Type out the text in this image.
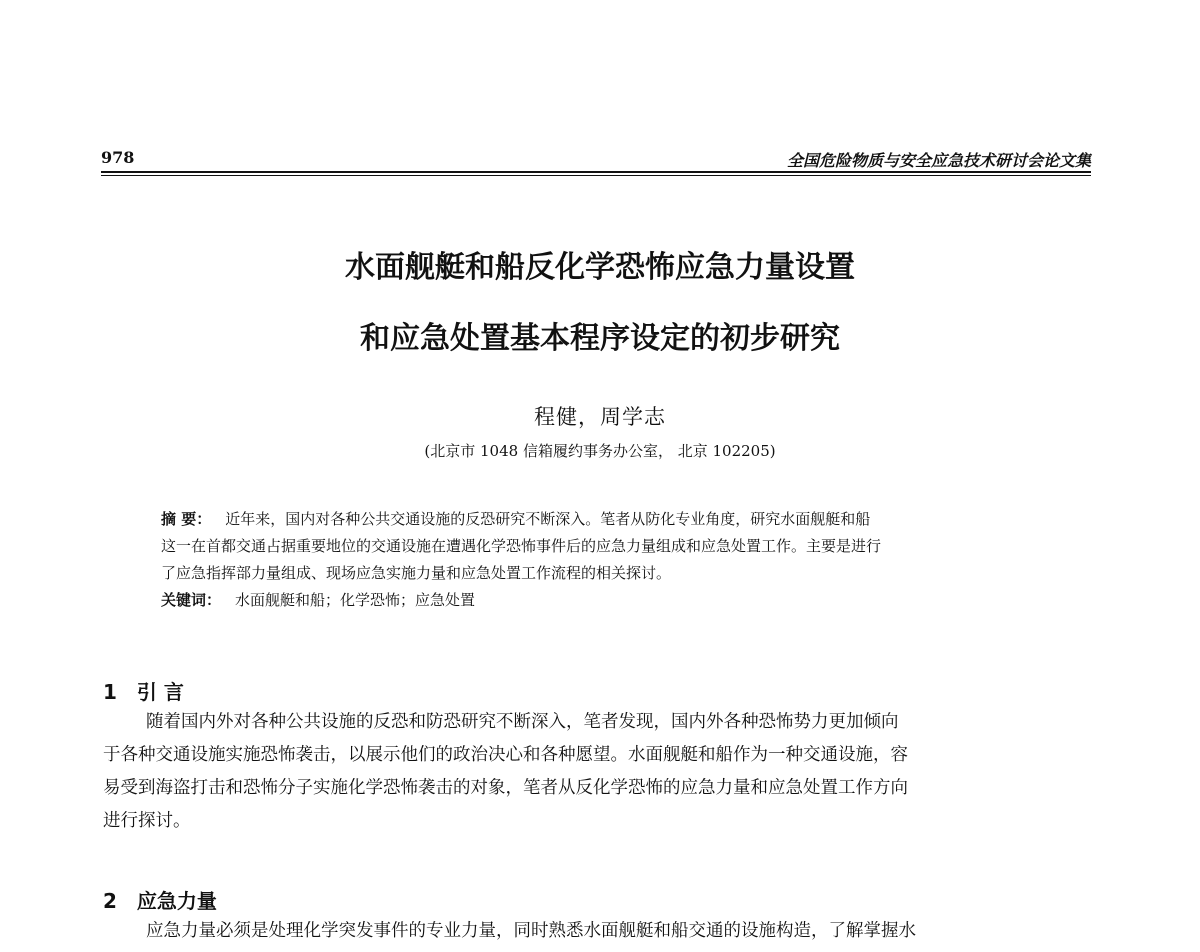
978	全国危险物质与安全应急技术研讨会论文集
水面舰艇和船反化学恐怖应急力量设置
和应急处置基本程序设定的初步研究
程健，周学志
(北京市 1048 信箱履约事务办公室， 北京 102205)
摘 要： 近年来，国内对各种公共交通设施的反恐研究不断深入。笔者从防化专业角度，研究水面舰艇和船
这一在首都交通占据重要地位的交通设施在遭遇化学恐怖事件后的应急力量组成和应急处置工作。主要是进行
了应急指挥部力量组成、现场应急实施力量和应急处置工作流程的相关探讨。
关键词： 水面舰艇和船；化学恐怖；应急处置
1 引 言
随着国内外对各种公共设施的反恐和防恐研究不断深入，笔者发现，国内外各种恐怖势力更加倾向
于各种交通设施实施恐怖袭击，以展示他们的政治决心和各种愿望。水面舰艇和船作为一种交通设施，容
易受到海盗打击和恐怖分子实施化学恐怖袭击的对象，笔者从反化学恐怖的应急力量和应急处置工作方向
进行探讨。
2 应急力量
应急力量必须是处理化学突发事件的专业力量，同时熟悉水面舰艇和船交通的设施构造，了解掌握水
